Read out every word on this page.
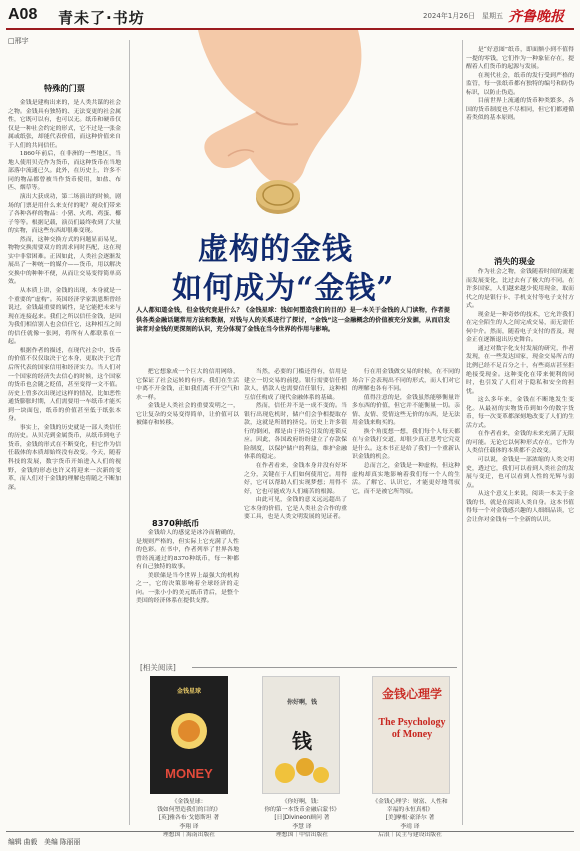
A08 青未了·书坊	2024年1月26日 星期五 齐鲁晚报
□邢宇
虚构的金钱
如何成为“金钱”
人人都知道金钱，但金钱究竟是什么？《金钱星球：钱如何塑造我们的目的》是一本关于金钱的人门读物，作者提供各类金融话题常用方法和数据，对钱与人的关系进行了探讨，“金钱”这一金融概念的价值被充分发掘，从而启发读者对金钱的更深刻的认识，充分体现了金钱在当今世界的作用与影响。
特殊的门票

金钱是建构出来的，是人类共谋的社会之物。金钱具有独特的、无法变更的社会属性，它既可以有，也可以无。纸币和硬币仅仅是一种社会约定的形式，它不过是一张金属或纸张，却能代表价值，而这种价值来自于人们的共同信任。

1860年前后，在非洲的一些地区，当地人使用贝壳作为货币，而这种货币在当地部落中流通已久。此外，在历史上，许多不同的物品都曾被当作货币使用，如盐、布匹、烟草等。

演出大获成功，第二场演出的时候，剧场的门票是用什么来支付的呢？观众们带来了各种各样的物品：小猪、火鸡、鸡蛋、椰子等等。根据记载，演员们最终收到了大量的实物，而这些东西却很难变现。

然而，这种交换方式的问题显而易见，物物交换需要双方的需求同时匹配，这在现实中非常困难。正因如此，人类社会逐渐发展出了一种统一的媒介——货币，用以解决交换中的种种不便，从而让交易变得简单高效。

从本质上讲，金钱的出现，本身就是一个重要的“虚构”。英国经济学家凯恩斯曾经说过，金钱最重要的属性，是它能把未来与现在连接起来。我们之所以信任金钱，是因为我们相信别人也会信任它，这种相互之间的信任就像一张网，将所有人都联系在一起。

根据作者的描述，在现代社会中，货币的价值不仅仅取决于它本身，更取决于它背后所代表的国家信用和经济实力。当人们对一个国家的经济失去信心的时候，这个国家的货币也会随之贬值，甚至变得一文不值。历史上曾多次出现过这样的情况，比如恶性通货膨胀时期，人们需要用一车纸币才能买到一块面包，纸币的价值甚至低于纸张本身。

事实上，金钱的历史就是一部人类信任的历史。从贝壳到金属货币，从纸币到电子货币，金钱的形式在不断变化，但它作为信任载体的本质却始终没有改变。今天，随着科技的发展，数字货币开始进入人们的视野，金钱的形态也许又将迎来一次新的变革，而人们对于金钱的理解也将随之不断加深。

把它想象成一个巨大的信用网络，它保证了社会运转的有序。我们在生活中离不开金钱，正如我们离不开空气和水一样。

金钱是人类社会的重要发明之一，它让复杂的交易变得简单，让价值可以被储存和转移。

8370种纸币

金钱给人的感觉是冰冷而精确的，是规则严格的，但实际上它充满了人性的色彩。在书中，作者列举了世界各地曾经流通过的8370种纸币，每一种都有自己独特的故事。

美联储是当今世界上最强大的机构之一，它的决策影响着全球经济的走向。一张小小的美元纸币背后，是整个美国的经济体系在提供支撑。

当然，必要的门槛还得有，信用是建立一切交易的前提。银行需要信任借款人，借款人也需要信任银行，这种相互信任构成了现代金融体系的基础。

然而，信任并不是一成不变的。当银行出现危机时，储户们会争相提取存款，这就是所谓的挤兑。历史上许多银行的倒闭，都是由于挤兑引发的连锁反应。因此，各国政府纷纷建立了存款保险制度，以保护储户的利益，维护金融体系的稳定。

在作者看来，金钱本身并没有好坏之分，关键在于人们如何使用它。用得好，它可以帮助人们实现梦想；用得不好，它也可能成为人们痛苦的根源。

由此可见，金钱的意义远远超出了它本身的价值，它是人类社会合作的重要工具，也是人类文明发展的见证者。

行在用金钱做交易的时候，在不同的场合下会表现出不同的形式，而人们对它的理解也各有不同。

值得注意的是，金钱虽然能够衡量许多东西的价值，但它并不能衡量一切。亲情、友情、爱情这些无价的东西，是无法用金钱来购买的。

换个角度想一想，我们每个人每天都在与金钱打交道，却很少真正思考它究竟是什么。这本书正是给了我们一个重新认识金钱的机会。

总而言之，金钱是一种虚构，但这种虚构却真实地影响着我们每一个人的生活。了解它、认识它，才能更好地驾驭它，而不是被它所驾驭。

是“好意图”纸币，即面额小到不值得一提的零钱，它们作为一种象征存在，提醒着人们货币的起源与发展。

在现代社会，纸币的发行受到严格的监管，每一张纸币都有独特的编号和防伪标识，以防止伪造。

目前世界上流通的货币种类繁多，各国的货币制度也不尽相同，但它们都遵循着类似的基本原则。

消失的现金

作为社会之物，金钱随着时间的流逝而发展变化，比过去有了极大的不同。在许多国家，人们越来越少使用现金，取而代之的是银行卡、手机支付等电子支付方式。

现金是一种奇妙的技术，它允许我们在完全陌生的人之间完成交易，而无需任何中介。然而，随着电子支付的普及，现金正在逐渐退出历史舞台。

通过对数字化支付发展的研究，作者发现，在一些发达国家，现金交易所占的比例已经不足百分之十，有些商店甚至拒绝接受现金。这种变化在带来便利的同时，也引发了人们对于隐私和安全的担忧。

这么多年来，金钱在不断地发生变化。从最初的实物货币到如今的数字货币，每一次变革都深刻地改变了人们的生活方式。

在作者看来，金钱的未来充满了无限的可能。无论它以何种形式存在，它作为人类信任载体的本质都不会改变。

可以说，金钱是一部浓缩的人类文明史，透过它，我们可以看到人类社会的发展与变迁，也可以看到人性的光辉与弱点。

从这个意义上来说，阅读一本关于金钱的书，就是在阅读人类自身。这本书值得每一个对金钱感兴趣的人细细品读，它会让你对金钱有一个全新的认识。

[相关阅读]
金钱星球
MONEY
《金钱星球：
钱如何塑造我们的目的》
[英]雅各布·戈德斯坦 著
李翔 译
理想国｜海南出版社
你好啊，钱
钱
《你好啊，钱：
你的第一本货币金融启蒙书》
[日]Divineon顾问 著
李慧 译
理想国｜中信出版社
金钱心理学
The Psychology of Money
《金钱心理学：财富、人性和
幸福的永恒真相》
[美]摩根·豪泽尔 著
李靖 译
后浪｜民主与建设出版社
编辑 曲毅　美编 陈丽丽
